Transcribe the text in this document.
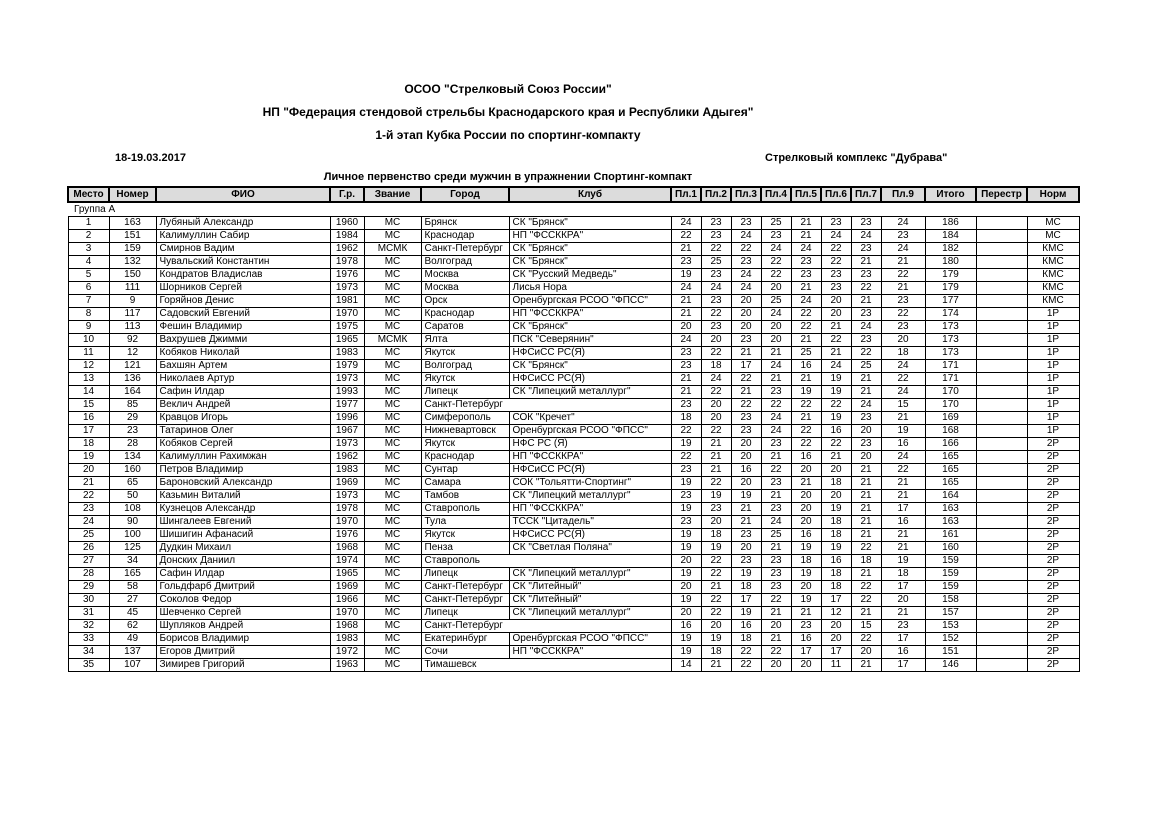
ОСОО "Стрелковый Союз России"
НП "Федерация стендовой стрельбы Краснодарского края и Республики Адыгея"
1-й этап Кубка России по спортинг-компакту
18-19.03.2017	Стрелковый комплекс "Дубрава"
Личное первенство среди мужчин в упражнении Спортинг-компакт
Место	Номер	ФИО	Г.р.	Звание	Город	Клуб	Пл.1	Пл.2	Пл.3	Пл.4	Пл.5	Пл.6	Пл.7	Пл.9	Итого	Перестр	Норм
Группа А																	
1	163	Лубяный Александр	1960	МС	Брянск	СК "Брянск"	24	23	23	25	21	23	23	24	186		МС
2	151	Калимуллин Сабир	1984	МС	Краснодар	НП "ФССККРА"	22	23	24	23	21	24	24	23	184		МС
3	159	Смирнов Вадим	1962	МСМК	Санкт-Петербург	СК "Брянск"	21	22	22	24	24	22	23	24	182		КМС
4	132	Чувальский Константин	1978	МС	Волгоград	СК "Брянск"	23	25	23	22	23	22	21	21	180		КМС
5	150	Кондратов Владислав	1976	МС	Москва	СК "Русский Медведь"	19	23	24	22	23	23	23	22	179		КМС
6	111	Шорников Сергей	1973	МС	Москва	Лисья Нора	24	24	24	20	21	23	22	21	179		КМС
7	9	Горяйнов Денис	1981	МС	Орск	Оренбургская РСОО "ФПСС"	21	23	20	25	24	20	21	23	177		КМС
8	117	Садовский Евгений	1970	МС	Краснодар	НП "ФССККРА"	21	22	20	24	22	20	23	22	174		1Р
9	113	Фешин Владимир	1975	МС	Саратов	СК "Брянск"	20	23	20	20	22	21	24	23	173		1Р
10	92	Вахрушев Джимми	1965	МСМК	Ялта	ПСК "Северянин"	24	20	23	20	21	22	23	20	173		1Р
11	12	Кобяков Николай	1983	МС	Якутск	НФСиСС РС(Я)	23	22	21	21	25	21	22	18	173		1Р
12	121	Бахшян Артем	1979	МС	Волгоград	СК "Брянск"	23	18	17	24	16	24	25	24	171		1Р
13	136	Николаев Артур	1973	МС	Якутск	НФСиСС РС(Я)	21	24	22	21	21	19	21	22	171		1Р
14	164	Сафин Илдар	1993	МС	Липецк	СК "Липецкий металлург"	21	22	21	23	19	19	21	24	170		1Р
15	85	Веклич Андрей	1977	МС	Санкт-Петербург		23	20	22	22	22	22	24	15	170		1Р
16	29	Кравцов Игорь	1996	МС	Симферополь	СОК "Кречет"	18	20	23	24	21	19	23	21	169		1Р
17	23	Татаринов Олег	1967	МС	Нижневартовск	Оренбургская РСОО "ФПСС"	22	22	23	24	22	16	20	19	168		1Р
18	28	Кобяков Сергей	1973	МС	Якутск	НФС РС (Я)	19	21	20	23	22	22	23	16	166		2Р
19	134	Калимуллин Рахимжан	1962	МС	Краснодар	НП "ФССККРА"	22	21	20	21	16	21	20	24	165		2Р
20	160	Петров Владимир	1983	МС	Сунтар	НФСиСС РС(Я)	23	21	16	22	20	20	21	22	165		2Р
21	65	Бароновский Александр	1969	МС	Самара	СОК "Тольятти-Спортинг"	19	22	20	23	21	18	21	21	165		2Р
22	50	Казьмин Виталий	1973	МС	Тамбов	СК "Липецкий металлург"	23	19	19	21	20	20	21	21	164		2Р
23	108	Кузнецов Александр	1978	МС	Ставрополь	НП "ФССККРА"	19	23	21	23	20	19	21	17	163		2Р
24	90	Шингалеев Евгений	1970	МС	Тула	ТССК "Цитадель"	23	20	21	24	20	18	21	16	163		2Р
25	100	Шишигин Афанасий	1976	МС	Якутск	НФСиСС РС(Я)	19	18	23	25	16	18	21	21	161		2Р
26	125	Дудкин Михаил	1968	МС	Пенза	СК "Светлая Поляна"	19	19	20	21	19	19	22	21	160		2Р
27	34	Донских Даниил	1974	МС	Ставрополь		20	22	23	23	18	16	18	19	159		2Р
28	165	Сафин Илдар	1965	МС	Липецк	СК "Липецкий металлург"	19	22	19	23	19	18	21	18	159		2Р
29	58	Гольдфарб Дмитрий	1969	МС	Санкт-Петербург	СК "Литейный"	20	21	18	23	20	18	22	17	159		2Р
30	27	Соколов Федор	1966	МС	Санкт-Петербург	СК "Литейный"	19	22	17	22	19	17	22	20	158		2Р
31	45	Шевченко Сергей	1970	МС	Липецк	СК "Липецкий металлург"	20	22	19	21	21	12	21	21	157		2Р
32	62	Шупляков Андрей	1968	МС	Санкт-Петербург		16	20	16	20	23	20	15	23	153		2Р
33	49	Борисов Владимир	1983	МС	Екатеринбург	Оренбургская РСОО "ФПСС"	19	19	18	21	16	20	22	17	152		2Р
34	137	Егоров Дмитрий	1972	МС	Сочи	НП "ФССККРА"	19	18	22	22	17	17	20	16	151		2Р
35	107	Зимирев Григорий	1963	МС	Тимашевск		14	21	22	20	20	11	21	17	146		2Р
